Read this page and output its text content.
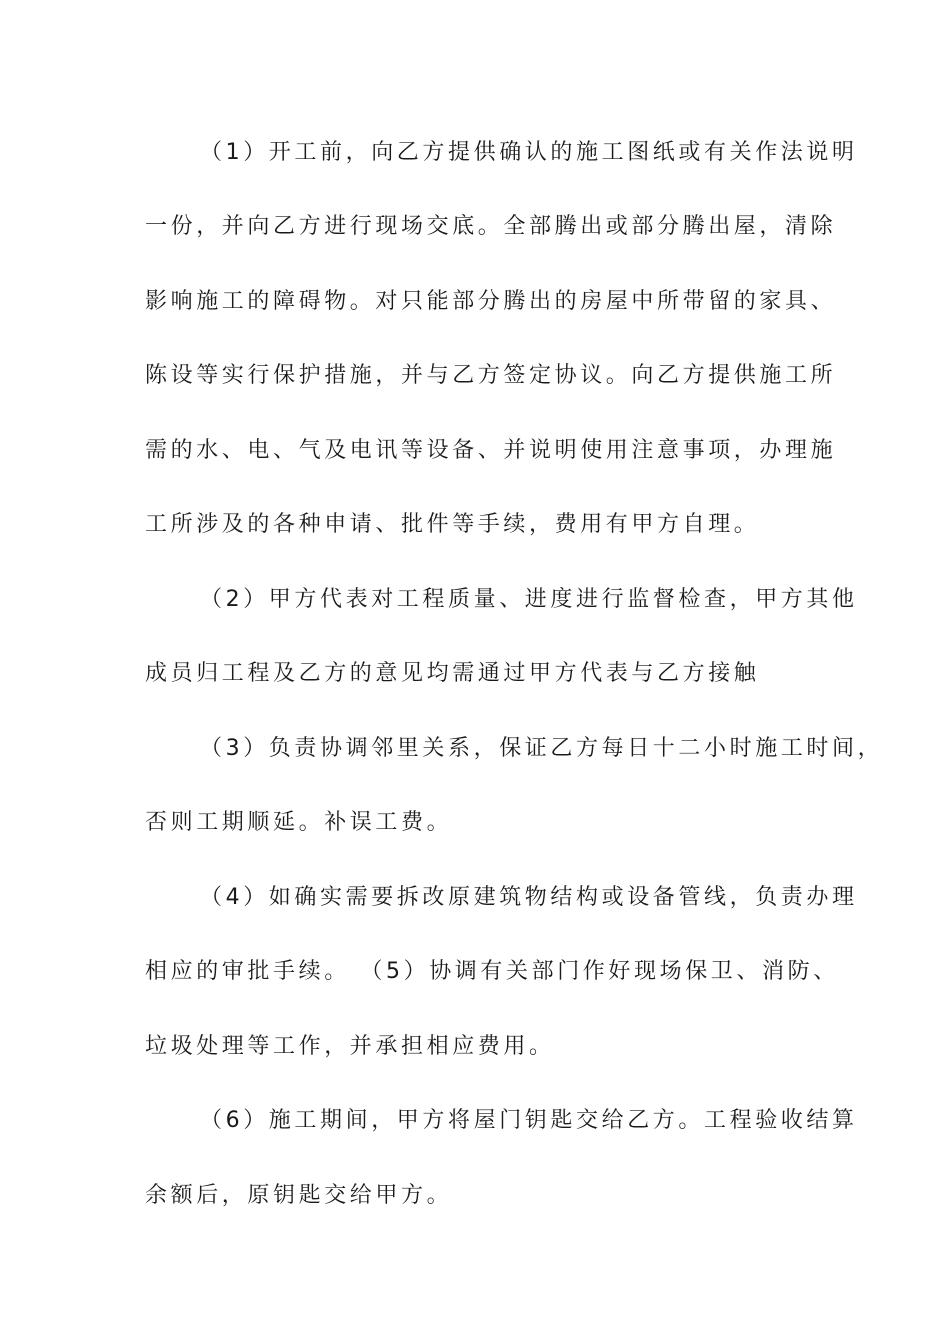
（1）开工前，向乙方提供确认的施工图纸或有关作法说明
一份，并向乙方进行现场交底。全部腾出或部分腾出屋，清除
影响施工的障碍物。对只能部分腾出的房屋中所带留的家具、
陈设等实行保护措施，并与乙方签定协议。向乙方提供施工所
需的水、电、气及电讯等设备、并说明使用注意事项，办理施
工所涉及的各种申请、批件等手续，费用有甲方自理。
（2）甲方代表对工程质量、进度进行监督检查，甲方其他
成员归工程及乙方的意见均需通过甲方代表与乙方接触
（3）负责协调邻里关系，保证乙方每日十二小时施工时间，
否则工期顺延。补误工费。
（4）如确实需要拆改原建筑物结构或设备管线，负责办理
相应的审批手续。 （5）协调有关部门作好现场保卫、消防、
垃圾处理等工作，并承担相应费用。
（6）施工期间，甲方将屋门钥匙交给乙方。工程验收结算
余额后，原钥匙交给甲方。
